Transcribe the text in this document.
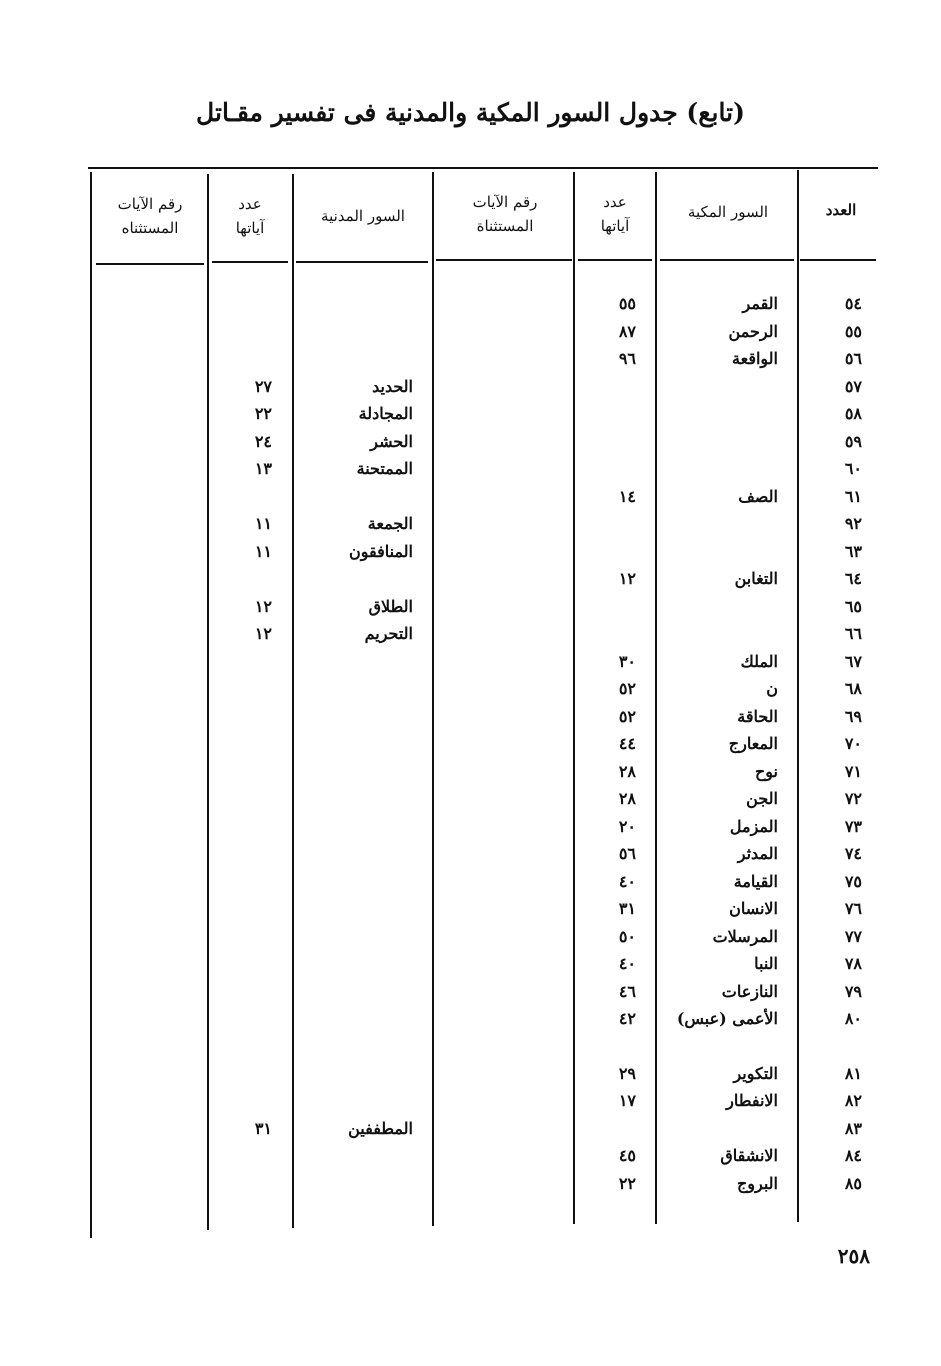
(تابع) جدول السور المكية والمدنية فى تفسير مقـاتل
العدد
السور المكية
عدد
آياتها
رقم الآيات
المستثناة
السور المدنية
عدد
آياتها
رقم الآيات
المستثناه
٥٤
القمر
٥٥
٥٥
الرحمن
٨٧
٥٦
الواقعة
٩٦
٥٧
الحديد
٢٧
٥٨
المجادلة
٢٢
٥٩
الحشر
٢٤
٦٠
الممتحنة
١٣
٦١
الصف
١٤
٩٢
الجمعة
١١
٦٣
المنافقون
١١
٦٤
التغابن
١٢
٦٥
الطلاق
١٢
٦٦
التحريم
١٢
٦٧
الملك
٣٠
٦٨
ن
٥٢
٦٩
الحاقة
٥٢
٧٠
المعارج
٤٤
٧١
نوح
٢٨
٧٢
الجن
٢٨
٧٣
المزمل
٢٠
٧٤
المدثر
٥٦
٧٥
القيامة
٤٠
٧٦
الانسان
٣١
٧٧
المرسلات
٥٠
٧٨
النبا
٤٠
٧٩
النازعات
٤٦
٨٠
الأعمى (عبس)
٤٢
٨١
التكوير
٢٩
٨٢
الانفطار
١٧
٨٣
المطففين
٣١
٨٤
الانشقاق
٤٥
٨٥
البروج
٢٢
٢٥٨
